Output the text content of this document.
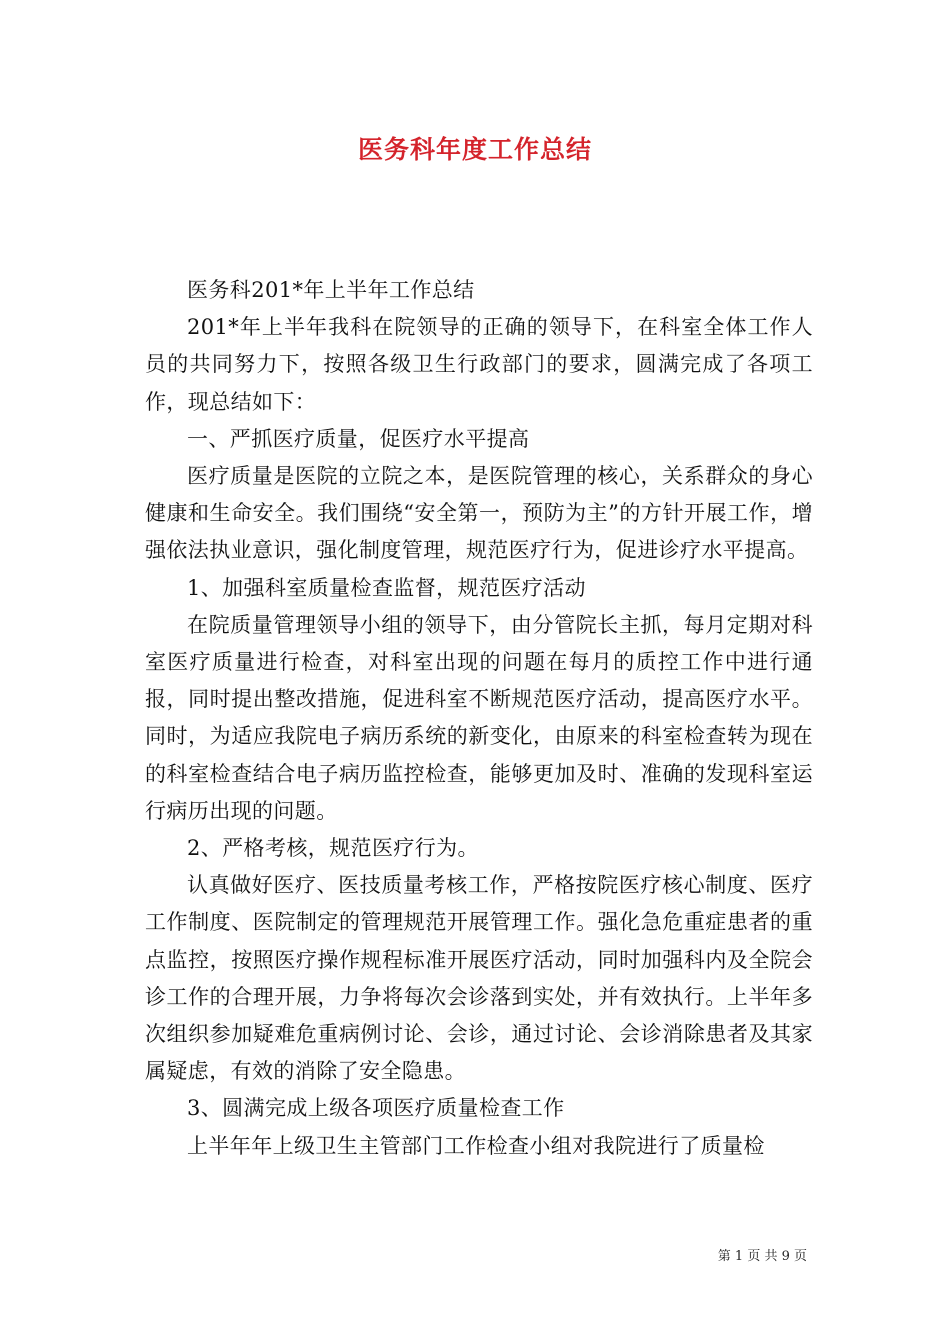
医务科年度工作总结

医务科201*年上半年工作总结

201*年上半年我科在院领导的正确的领导下，在科室全体工作人员的共同努力下，按照各级卫生行政部门的要求，圆满完成了各项工作，现总结如下：

一、严抓医疗质量，促医疗水平提高

医疗质量是医院的立院之本，是医院管理的核心，关系群众的身心健康和生命安全。我们围绕“安全第一，预防为主”的方针开展工作，增强依法执业意识，强化制度管理，规范医疗行为，促进诊疗水平提高。

1、加强科室质量检查监督，规范医疗活动

在院质量管理领导小组的领导下，由分管院长主抓，每月定期对科室医疗质量进行检查，对科室出现的问题在每月的质控工作中进行通报，同时提出整改措施，促进科室不断规范医疗活动，提高医疗水平。同时，为适应我院电子病历系统的新变化，由原来的科室检查转为现在的科室检查结合电子病历监控检查，能够更加及时、准确的发现科室运行病历出现的问题。

2、严格考核，规范医疗行为。

认真做好医疗、医技质量考核工作，严格按院医疗核心制度、医疗工作制度、医院制定的管理规范开展管理工作。强化急危重症患者的重点监控，按照医疗操作规程标准开展医疗活动，同时加强科内及全院会诊工作的合理开展，力争将每次会诊落到实处，并有效执行。上半年多次组织参加疑难危重病例讨论、会诊，通过讨论、会诊消除患者及其家属疑虑，有效的消除了安全隐患。

3、圆满完成上级各项医疗质量检查工作

上半年年上级卫生主管部门工作检查小组对我院进行了质量检

第 1 页 共 9 页
